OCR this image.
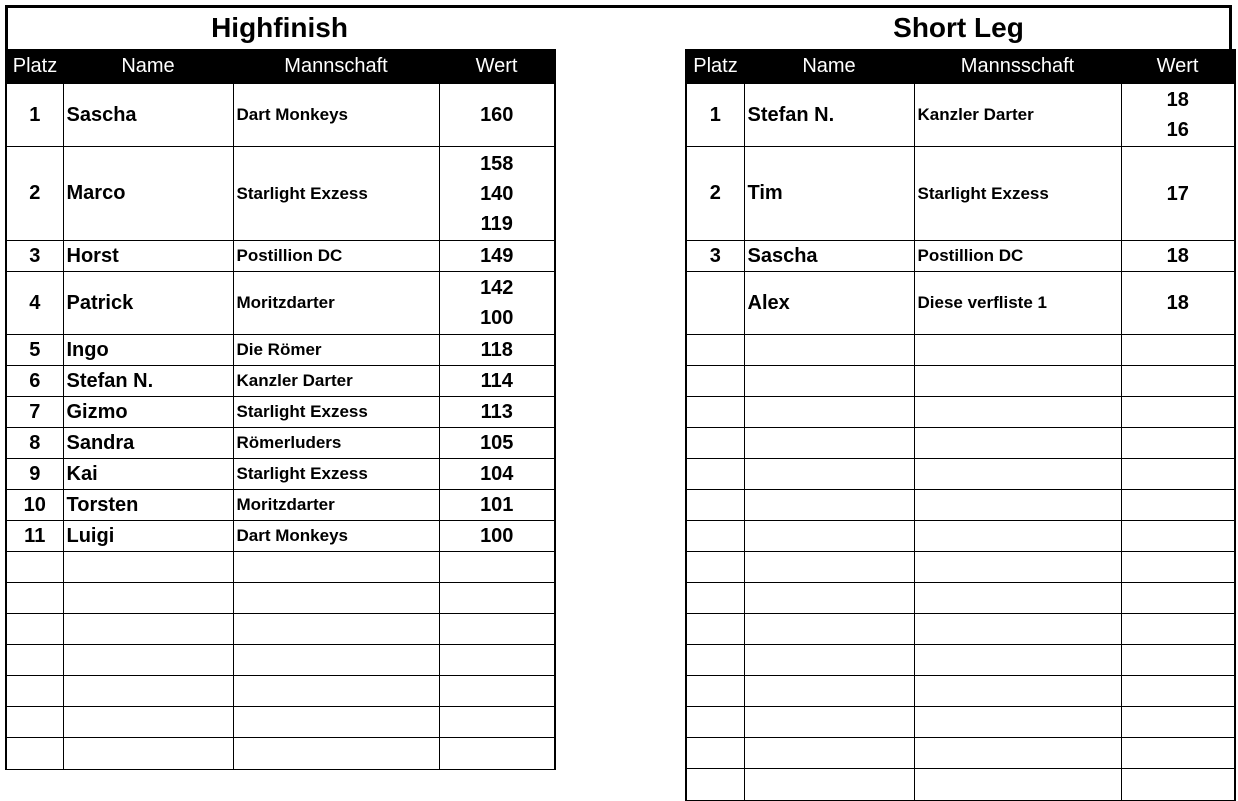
Highfinish	Short Leg
Platz	Name	Mannschaft	Wert
1	Sascha	Dart Monkeys	160

2	Marco	Starlight Exzess	158
140
119

3	Horst	Postillion DC	149

4	Patrick	Moritzdarter	142
100

5	Ingo	Die Römer	118

6	Stefan N.	Kanzler Darter	114

7	Gizmo	Starlight Exzess	113

8	Sandra	Römerluders	105

9	Kai	Starlight Exzess	104

10	Torsten	Moritzdarter	101

11	Luigi	Dart Monkeys	100

Platz	Name	Mannsschaft	Wert
1	Stefan N.	Kanzler Darter	18
16

2	Tim	Starlight Exzess	17

3	Sascha	Postillion DC	18

	Alex	Diese verfliste 1	18
